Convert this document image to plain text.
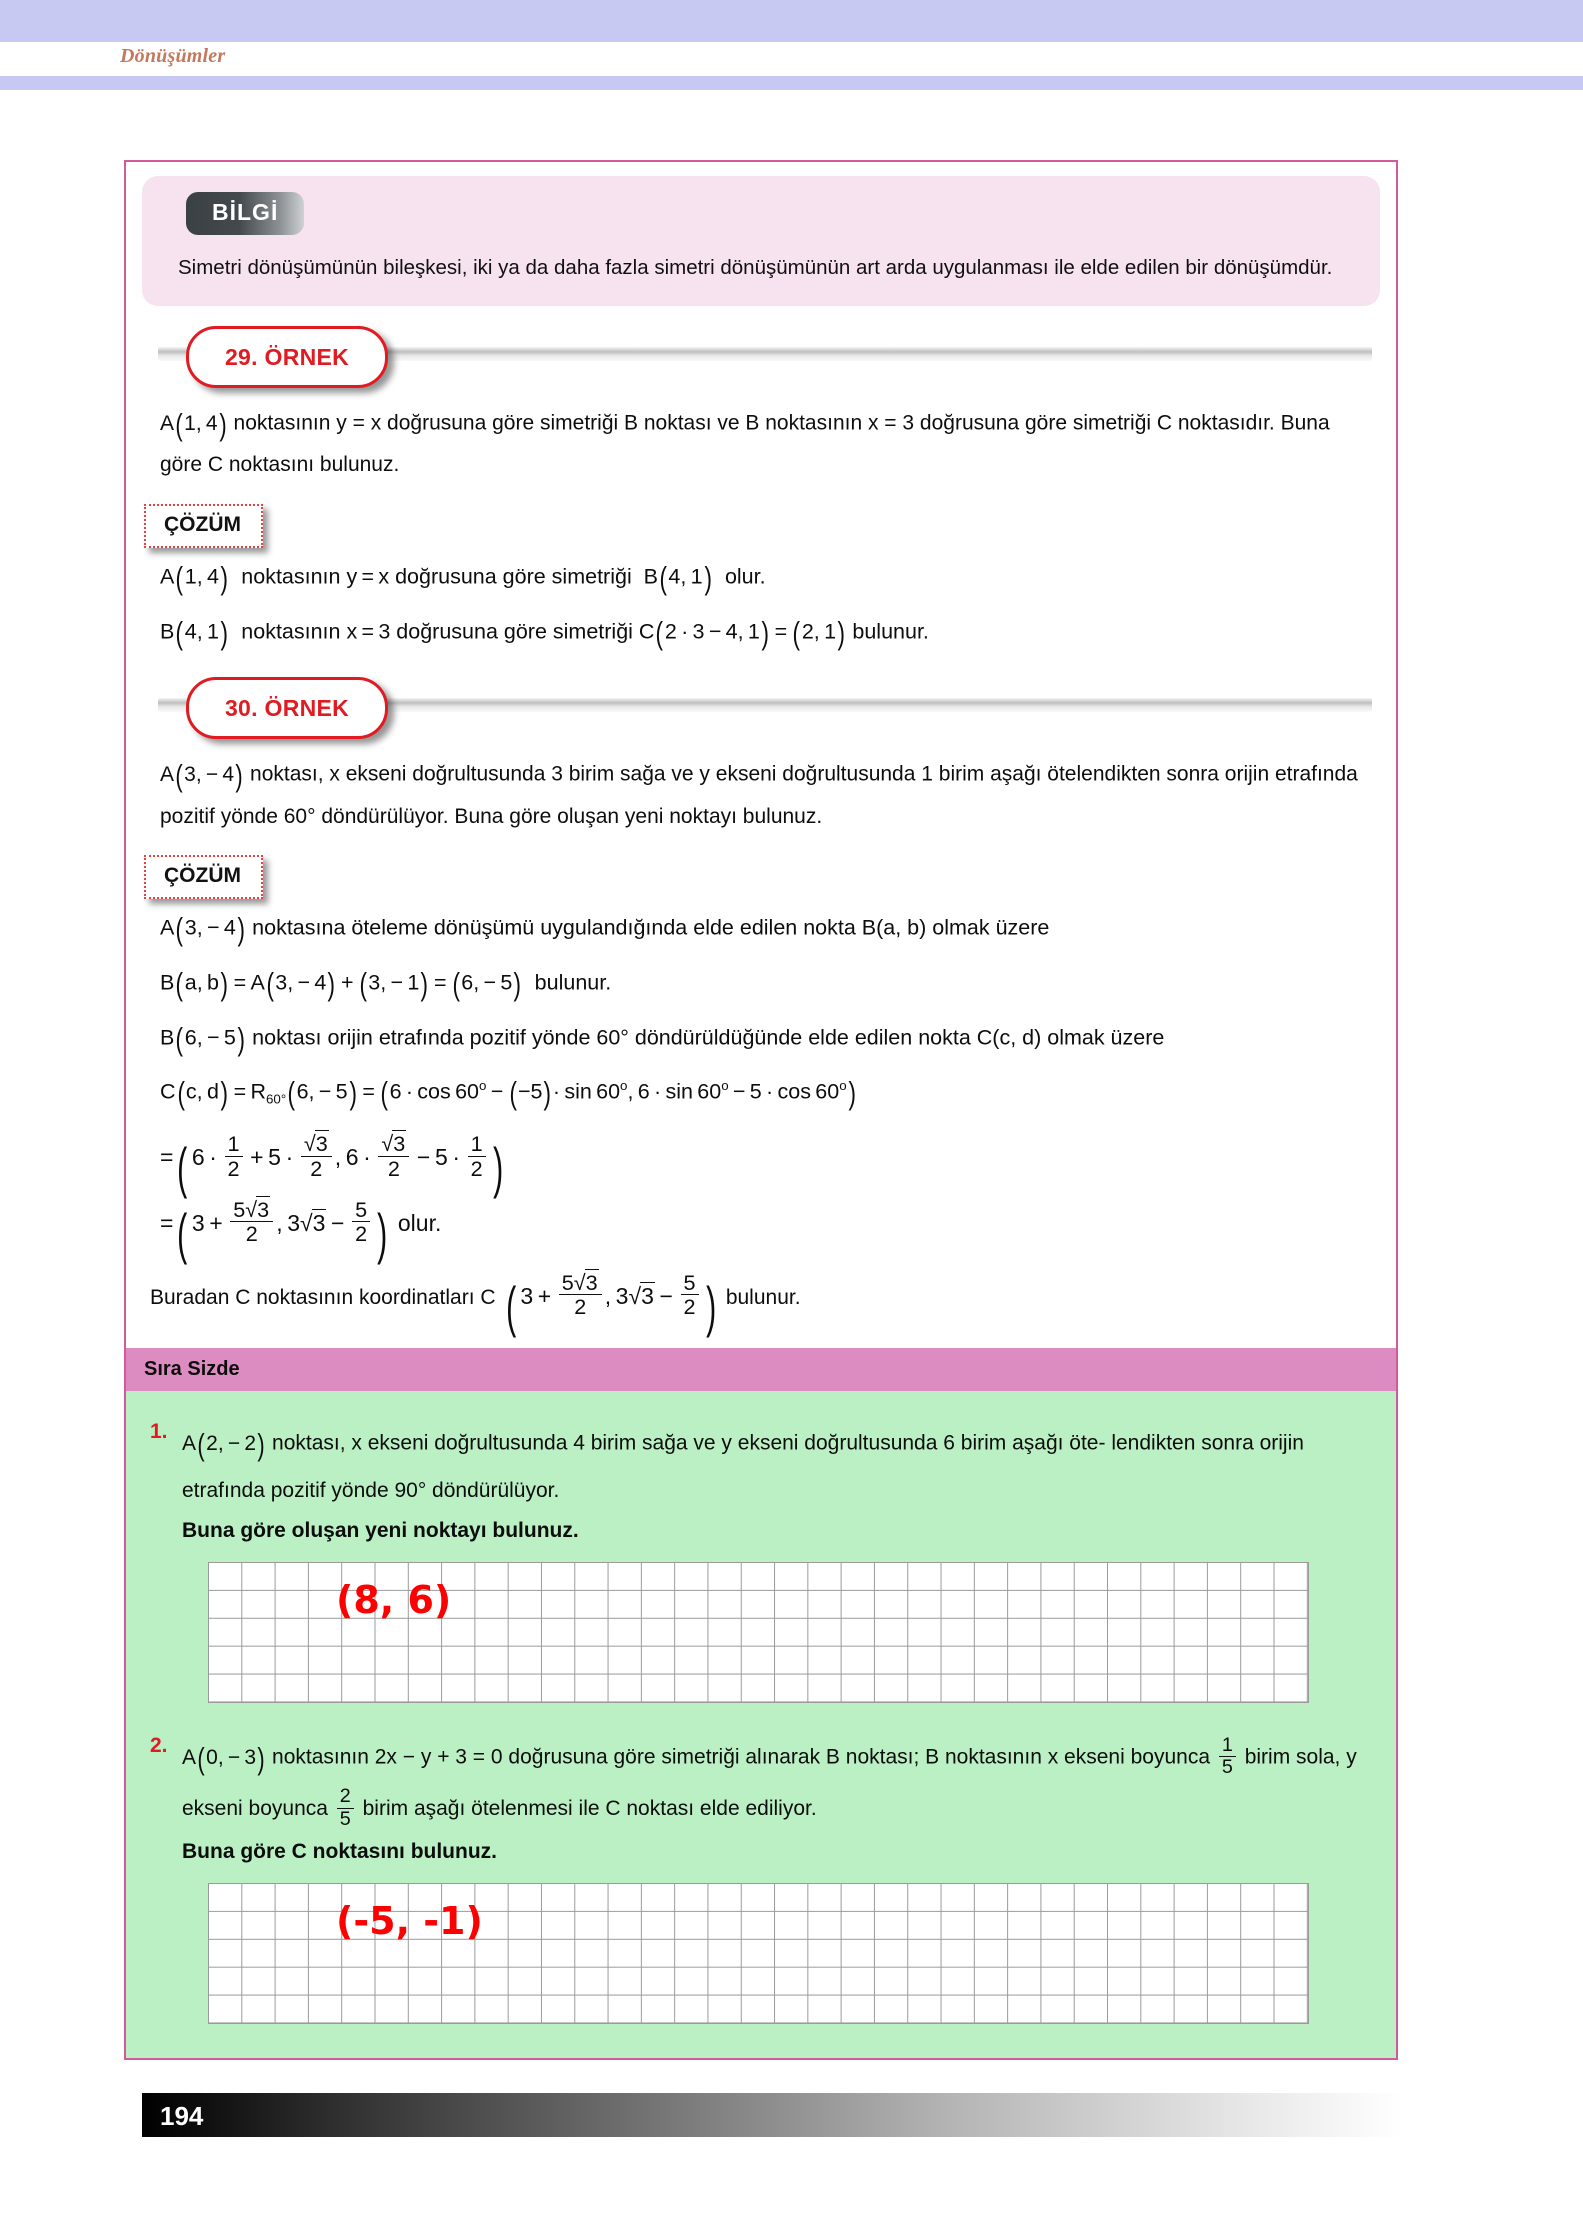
Dönüşümler
BİLGİ
Simetri dönüşümünün bileşkesi, iki ya da daha fazla simetri dönüşümünün art arda uygulanması ile elde edilen bir dönüşümdür.
29. ÖRNEK
A(1, 4) noktasının y = x doğrusuna göre simetriği B noktası ve B noktasının x = 3 doğrusuna göre simetriği C noktasıdır. Buna göre C noktasını bulunuz.
ÇÖZÜM
A(1, 4)  noktasının y = x doğrusuna göre simetriği  B(4, 1)  olur.
B(4, 1)  noktasının x = 3 doğrusuna göre simetriği C(2 · 3 − 4, 1) = (2, 1) bulunur.
30. ÖRNEK
A(3, − 4) noktası, x ekseni doğrultusunda 3 birim sağa ve y ekseni doğrultusunda 1 birim aşağı ötelendikten sonra orijin etrafında pozitif yönde 60° döndürülüyor. Buna göre oluşan yeni noktayı bulunuz.
ÇÖZÜM
A(3, − 4) noktasına öteleme dönüşümü uygulandığında elde edilen nokta B(a, b) olmak üzere
B(a, b) = A(3, − 4) + (3, − 1) = (6, − 5)  bulunur.
B(6, − 5) noktası orijin etrafında pozitif yönde 60° döndürüldüğünde elde edilen nokta C(c, d) olmak üzere
C(c, $d) = R_{60^\circ}(6$, − $5) = (6 \cdot \cos 60^o - (-5)\cdot \sin 60^o$, $6 \cdot \sin 60^o - 5 \cdot \cos 60^o$)
=( $6 \cdot \frac{1}{2} + 5 \cdot \frac{√3}{2}$ , $6 \cdot \frac{√3}{2} - 5 \cdot \frac{1}{2}$ )
=( $3 + \frac{5√3}{2}$ , $3√3 - \frac{5}{2}$ ) olur.
Buradan C noktasının koordinatları C ( $3 + \frac{5√3}{2}$ , $3√3 - \frac{5}{2}$ ) bulunur.
Sıra Sizde
1.
A(2, − 2) noktası, x ekseni doğrultusunda 4 birim sağa ve y ekseni doğrultusunda 6 birim aşağı öte- lendikten sonra orijin etrafında pozitif yönde 90° döndürülüyor.
Buna göre oluşan yeni noktayı bulunuz.
(8, 6)
2.
A(0, − 3) noktasının 2x − y + 3 = 0 doğrusuna göre simetriği alınarak B noktası; B noktasının x ekseni boyunca $\frac{1}{5}$ birim sola, y ekseni boyunca $\frac{2}{5}$ birim aşağı ötelenmesi ile C noktası elde ediliyor.
Buna göre C noktasını bulunuz.
(-5, -1)
194
